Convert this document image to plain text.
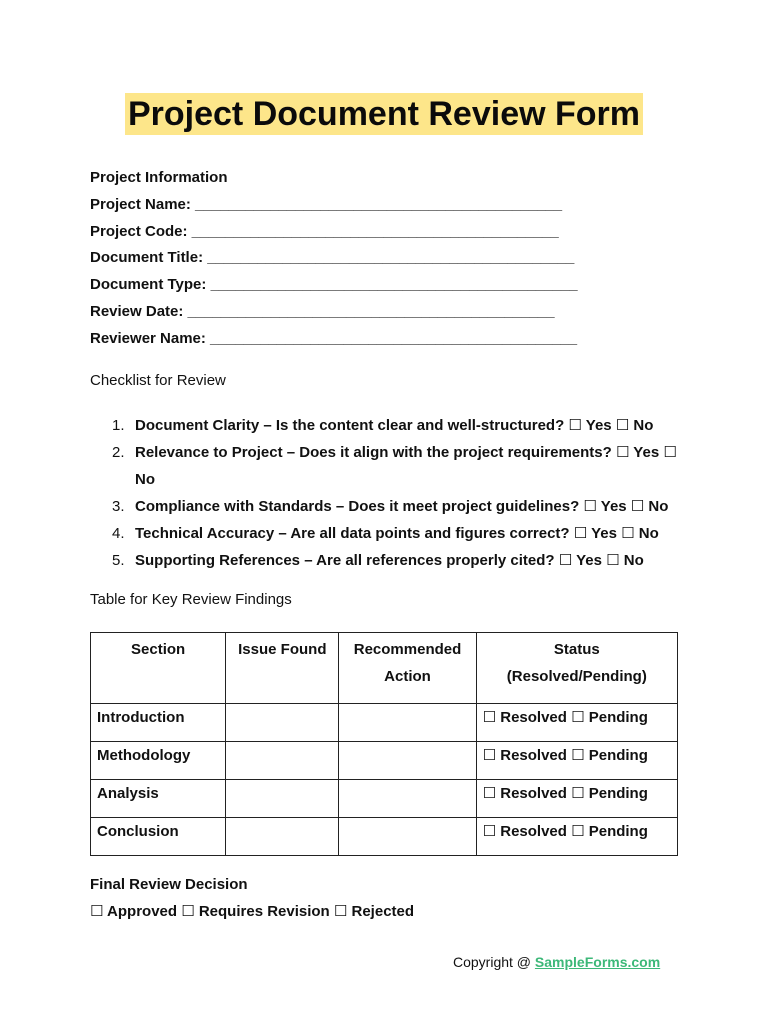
Project Document Review Form
Project Information
Project Name: ____________________________________________
Project Code: ____________________________________________
Document Title: ____________________________________________
Document Type: ____________________________________________
Review Date: ____________________________________________
Reviewer Name: ____________________________________________
Checklist for Review
1. Document Clarity – Is the content clear and well-structured? ☐ Yes ☐ No
2. Relevance to Project – Does it align with the project requirements? ☐ Yes ☐ No
3. Compliance with Standards – Does it meet project guidelines? ☐ Yes ☐ No
4. Technical Accuracy – Are all data points and figures correct? ☐ Yes ☐ No
5. Supporting References – Are all references properly cited? ☐ Yes ☐ No
Table for Key Review Findings
Section	Issue Found	Recommended Action	Status (Resolved/Pending)
Introduction			☐ Resolved ☐ Pending
Methodology			☐ Resolved ☐ Pending
Analysis			☐ Resolved ☐ Pending
Conclusion			☐ Resolved ☐ Pending
Final Review Decision
☐ Approved ☐ Requires Revision ☐ Rejected
Copyright @ SampleForms.com
